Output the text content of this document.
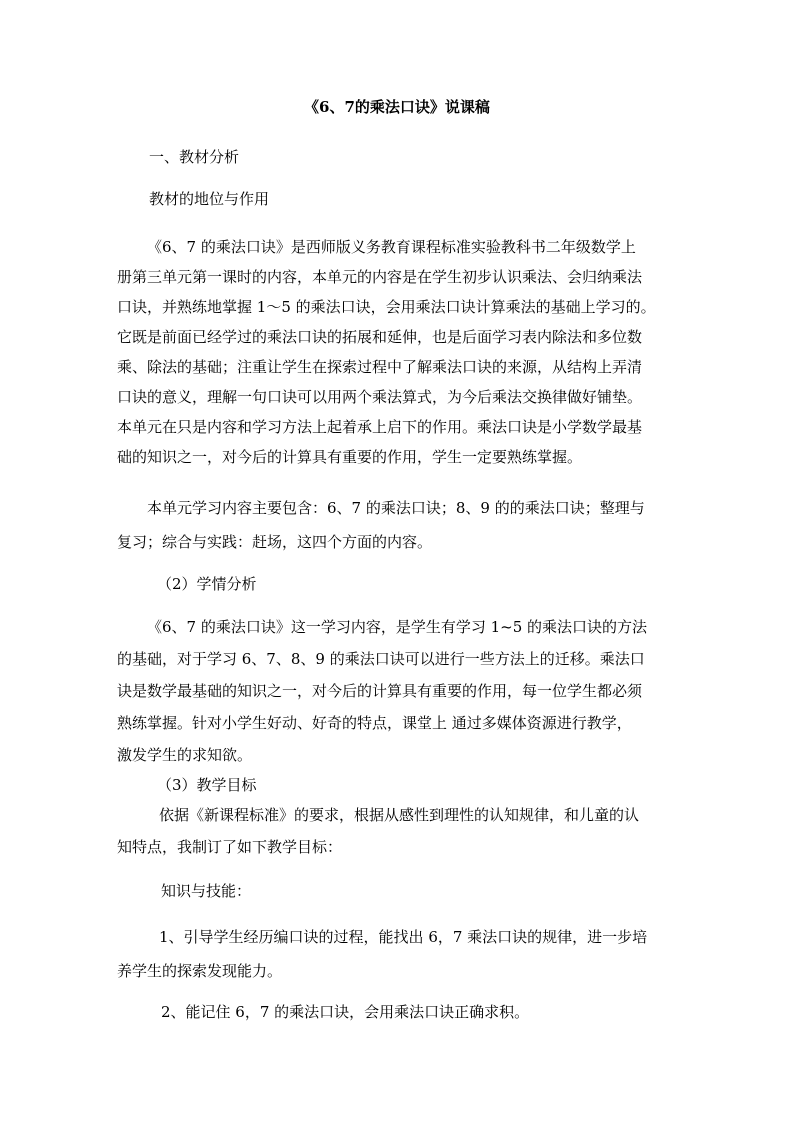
《6、7的乘法口诀》说课稿
一、教材分析
教材的地位与作用
《6、7 的乘法口诀》是西师版义务教育课程标准实验教科书二年级数学上
册第三单元第一课时的内容，本单元的内容是在学生初步认识乘法、会归纳乘法
口诀，并熟练地掌握 1～5 的乘法口诀，会用乘法口诀计算乘法的基础上学习的。
它既是前面已经学过的乘法口诀的拓展和延伸，也是后面学习表内除法和多位数
乘、除法的基础；注重让学生在探索过程中了解乘法口诀的来源，从结构上弄清
口诀的意义，理解一句口诀可以用两个乘法算式，为今后乘法交换律做好铺垫。
本单元在只是内容和学习方法上起着承上启下的作用。乘法口诀是小学数学最基
础的知识之一，对今后的计算具有重要的作用，学生一定要熟练掌握。
本单元学习内容主要包含：6、7 的乘法口诀；8、9 的的乘法口诀；整理与
复习；综合与实践：赶场，这四个方面的内容。
（2）学情分析
《6、7 的乘法口诀》这一学习内容，是学生有学习 1~5 的乘法口诀的方法
的基础，对于学习 6、7、8、9 的乘法口诀可以进行一些方法上的迁移。乘法口
诀是数学最基础的知识之一，对今后的计算具有重要的作用，每一位学生都必须
熟练掌握。针对小学生好动、好奇的特点，课堂上 通过多媒体资源进行教学，
激发学生的求知欲。
（3）教学目标
依据《新课程标准》的要求，根据从感性到理性的认知规律，和儿童的认
知特点，我制订了如下教学目标：
知识与技能：
1、引导学生经历编口诀的过程，能找出 6，7 乘法口诀的规律，进一步培
养学生的探索发现能力。
2、能记住 6，7 的乘法口诀，会用乘法口诀正确求积。
